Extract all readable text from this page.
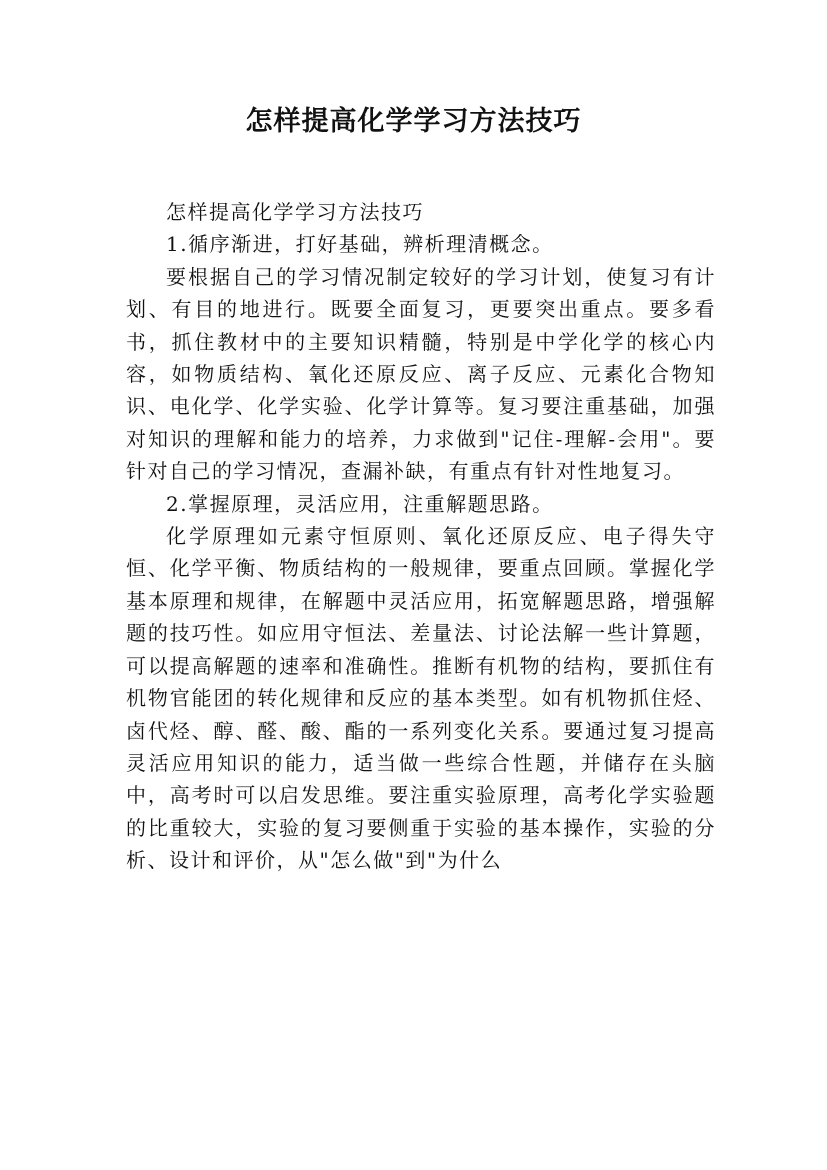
怎样提高化学学习方法技巧

怎样提高化学学习方法技巧

1.循序渐进，打好基础，辨析理清概念。

要根据自己的学习情况制定较好的学习计划，使复习有计划、有目的地进行。既要全面复习，更要突出重点。要多看书，抓住教材中的主要知识精髓，特别是中学化学的核心内容，如物质结构、氧化还原反应、离子反应、元素化合物知识、电化学、化学实验、化学计算等。复习要注重基础，加强对知识的理解和能力的培养，力求做到"记住-理解-会用"。要针对自己的学习情况，查漏补缺，有重点有针对性地复习。

2.掌握原理，灵活应用，注重解题思路。

化学原理如元素守恒原则、氧化还原反应、电子得失守恒、化学平衡、物质结构的一般规律，要重点回顾。掌握化学基本原理和规律，在解题中灵活应用，拓宽解题思路，增强解题的技巧性。如应用守恒法、差量法、讨论法解一些计算题，可以提高解题的速率和准确性。推断有机物的结构，要抓住有机物官能团的转化规律和反应的基本类型。如有机物抓住烃、卤代烃、醇、醛、酸、酯的一系列变化关系。要通过复习提高灵活应用知识的能力，适当做一些综合性题，并储存在头脑中，高考时可以启发思维。要注重实验原理，高考化学实验题的比重较大，实验的复习要侧重于实验的基本操作，实验的分析、设计和评价，从"怎么做"到"为什么
